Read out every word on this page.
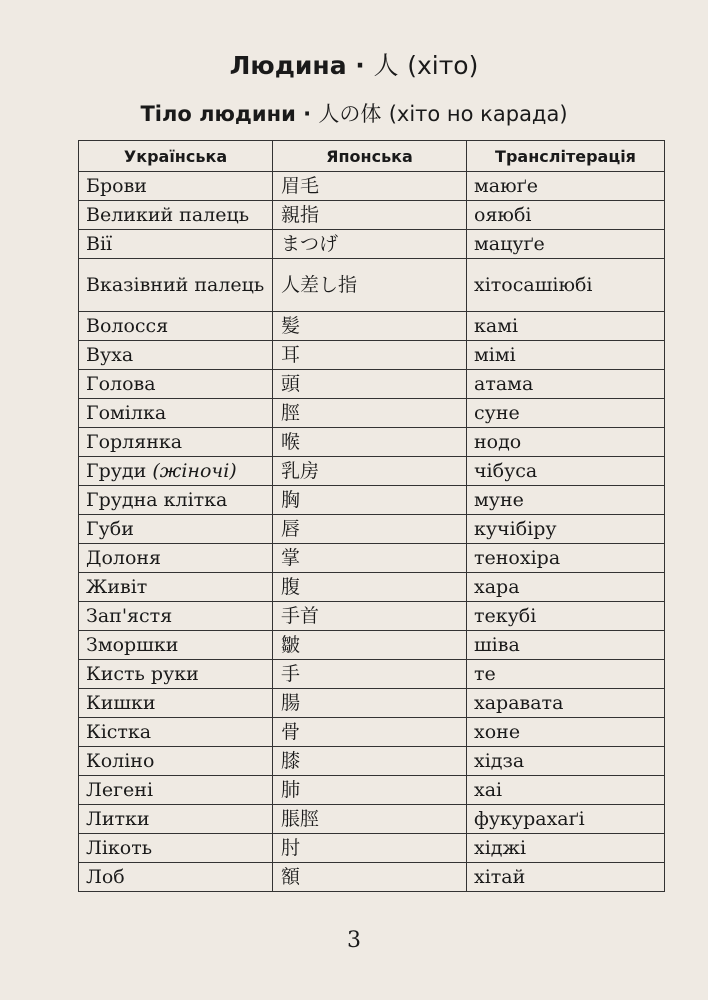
Людина · 人 (хіто)
Тіло людини · 人の体 (хіто но карада)
Українська	Японська	Транслітерація
Брови	眉毛	маюґе
Великий палець	親指	ояюбі
Вії	まつげ	мацуґе
Вказівний палець	人差し指	хітосашіюбі
Волосся	髪	камі
Вуха	耳	мімі
Голова	頭	атама
Гомілка	脛	суне
Горлянка	喉	нодо
Груди (жіночі)	乳房	чібуса
Грудна клітка	胸	муне
Губи	唇	кучібіру
Долоня	掌	тенохіра
Живіт	腹	хара
Зап'ястя	手首	текубі
Зморшки	皺	шіва
Кисть руки	手	те
Кишки	腸	харавата
Кістка	骨	хоне
Коліно	膝	хідза
Легені	肺	хаі
Литки	脹脛	фукурахаґі
Лікоть	肘	хіджі
Лоб	額	хітай
3
